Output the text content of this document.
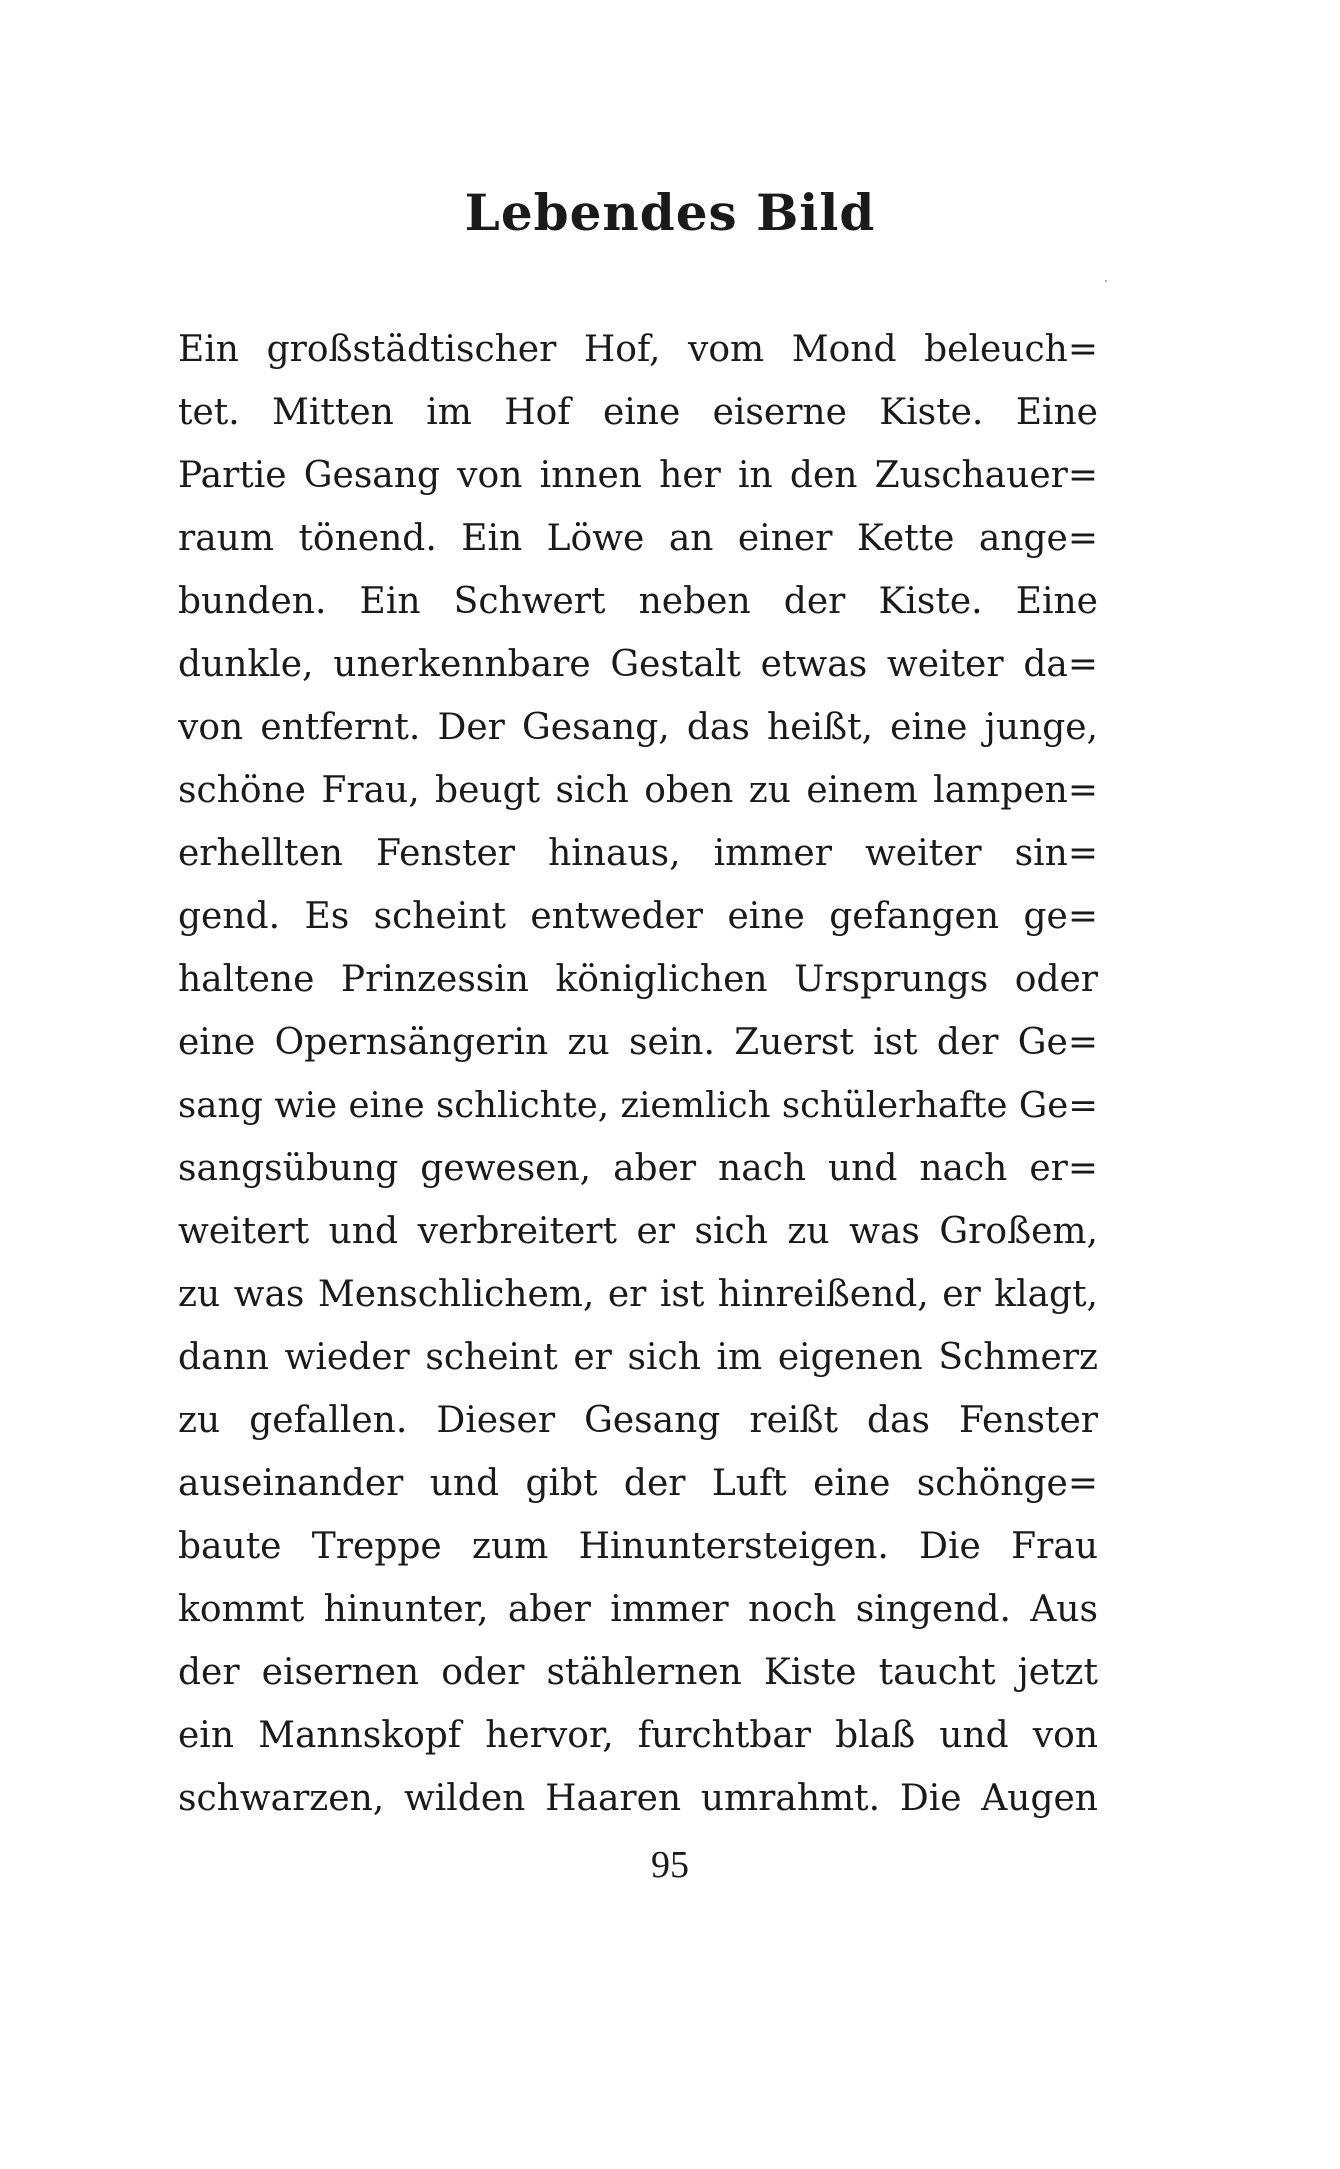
Lebendes Bild
Ein großstädtischer Hof, vom Mond beleuch=
tet. Mitten im Hof eine eiserne Kiste. Eine
Partie Gesang von innen her in den Zuschauer=
raum tönend. Ein Löwe an einer Kette ange=
bunden. Ein Schwert neben der Kiste. Eine
dunkle, unerkennbare Gestalt etwas weiter da=
von entfernt. Der Gesang, das heißt, eine junge,
schöne Frau, beugt sich oben zu einem lampen=
erhellten Fenster hinaus, immer weiter sin=
gend. Es scheint entweder eine gefangen ge=
haltene Prinzessin königlichen Ursprungs oder
eine Opernsängerin zu sein. Zuerst ist der Ge=
sang wie eine schlichte, ziemlich schülerhafte Ge=
sangsübung gewesen, aber nach und nach er=
weitert und verbreitert er sich zu was Großem,
zu was Menschlichem, er ist hinreißend, er klagt,
dann wieder scheint er sich im eigenen Schmerz
zu gefallen. Dieser Gesang reißt das Fenster
auseinander und gibt der Luft eine schönge=
baute Treppe zum Hinuntersteigen. Die Frau
kommt hinunter, aber immer noch singend. Aus
der eisernen oder stählernen Kiste taucht jetzt
ein Mannskopf hervor, furchtbar blaß und von
schwarzen, wilden Haaren umrahmt. Die Augen
95
